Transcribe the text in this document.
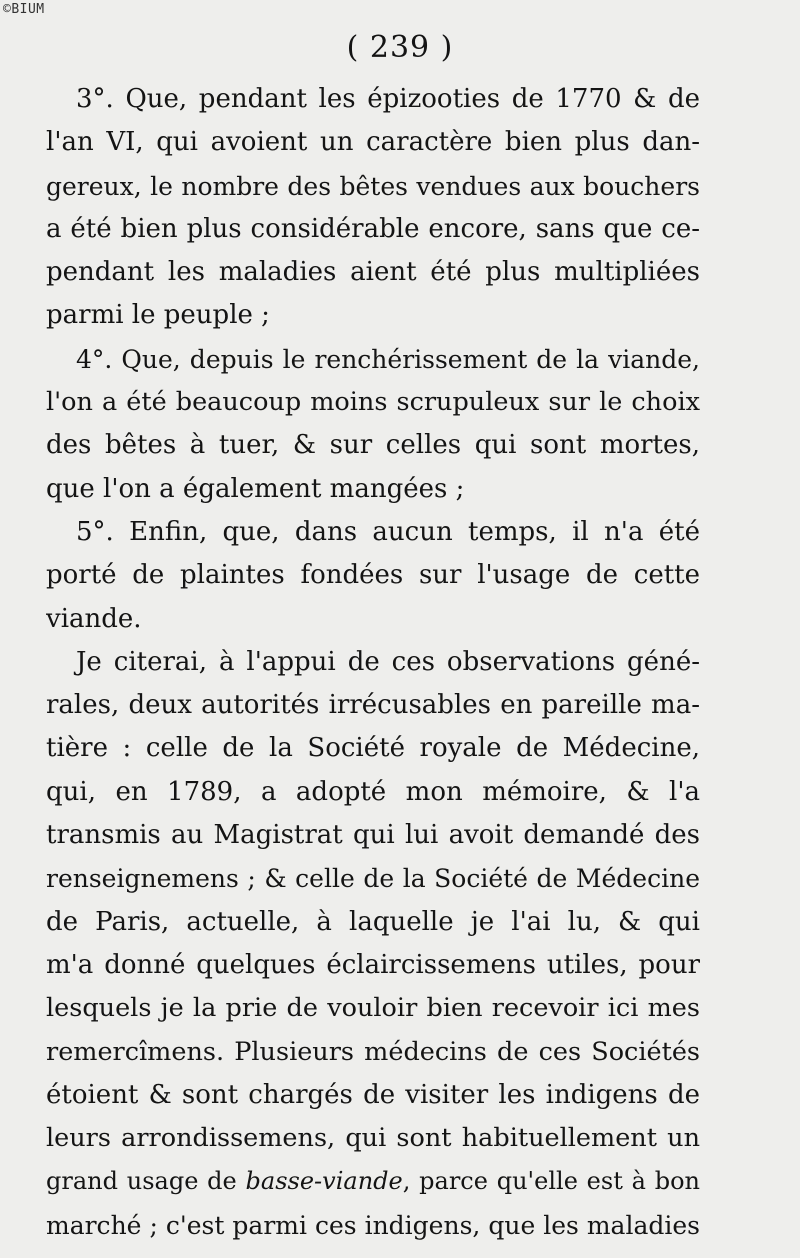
©BIUM
( 239 )
3°. Que, pendant les épizooties de 1770 & de
l'an VI, qui avoient un caractère bien plus dan-
gereux, le nombre des bêtes vendues aux bouchers
a été bien plus considérable encore, sans que ce-
pendant les maladies aient été plus multipliées
parmi le peuple ;
4°. Que, depuis le renchérissement de la viande,
l'on a été beaucoup moins scrupuleux sur le choix
des bêtes à tuer, & sur celles qui sont mortes,
que l'on a également mangées ;
5°. Enfin, que, dans aucun temps, il n'a été
porté de plaintes fondées sur l'usage de cette
viande.
Je citerai, à l'appui de ces observations géné-
rales, deux autorités irrécusables en pareille ma-
tière : celle de la Société royale de Médecine,
qui, en 1789, a adopté mon mémoire, & l'a
transmis au Magistrat qui lui avoit demandé des
renseignemens ; & celle de la Société de Médecine
de Paris, actuelle, à laquelle je l'ai lu, & qui
m'a donné quelques éclaircissemens utiles, pour
lesquels je la prie de vouloir bien recevoir ici mes
remercîmens. Plusieurs médecins de ces Sociétés
étoient & sont chargés de visiter les indigens de
leurs arrondissemens, qui sont habituellement un
grand usage de basse-viande, parce qu'elle est à bon
marché ; c'est parmi ces indigens, que les maladies
